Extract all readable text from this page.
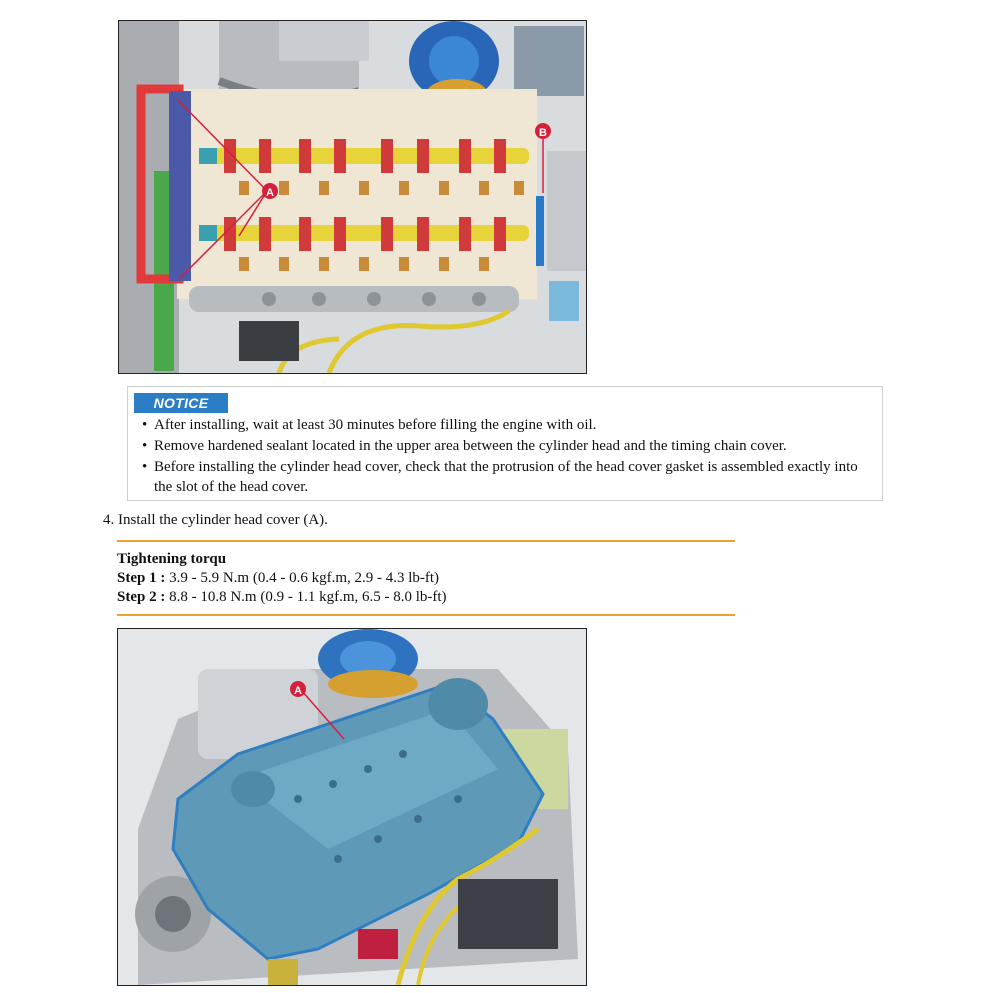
A
B
NOTICE
• After installing, wait at least 30 minutes before filling the engine with oil.
• Remove hardened sealant located in the upper area between the cylinder head and the timing chain cover.
• Before installing the cylinder head cover, check that the protrusion of the head cover gasket is assembled exactly into the slot of the head cover.
4. Install the cylinder head cover (A).
Tightening torqu
Step 1 : 3.9 - 5.9 N.m (0.4 - 0.6 kgf.m, 2.9 - 4.3 lb-ft)
Step 2 : 8.8 - 10.8 N.m (0.9 - 1.1 kgf.m, 6.5 - 8.0 lb-ft)
A
